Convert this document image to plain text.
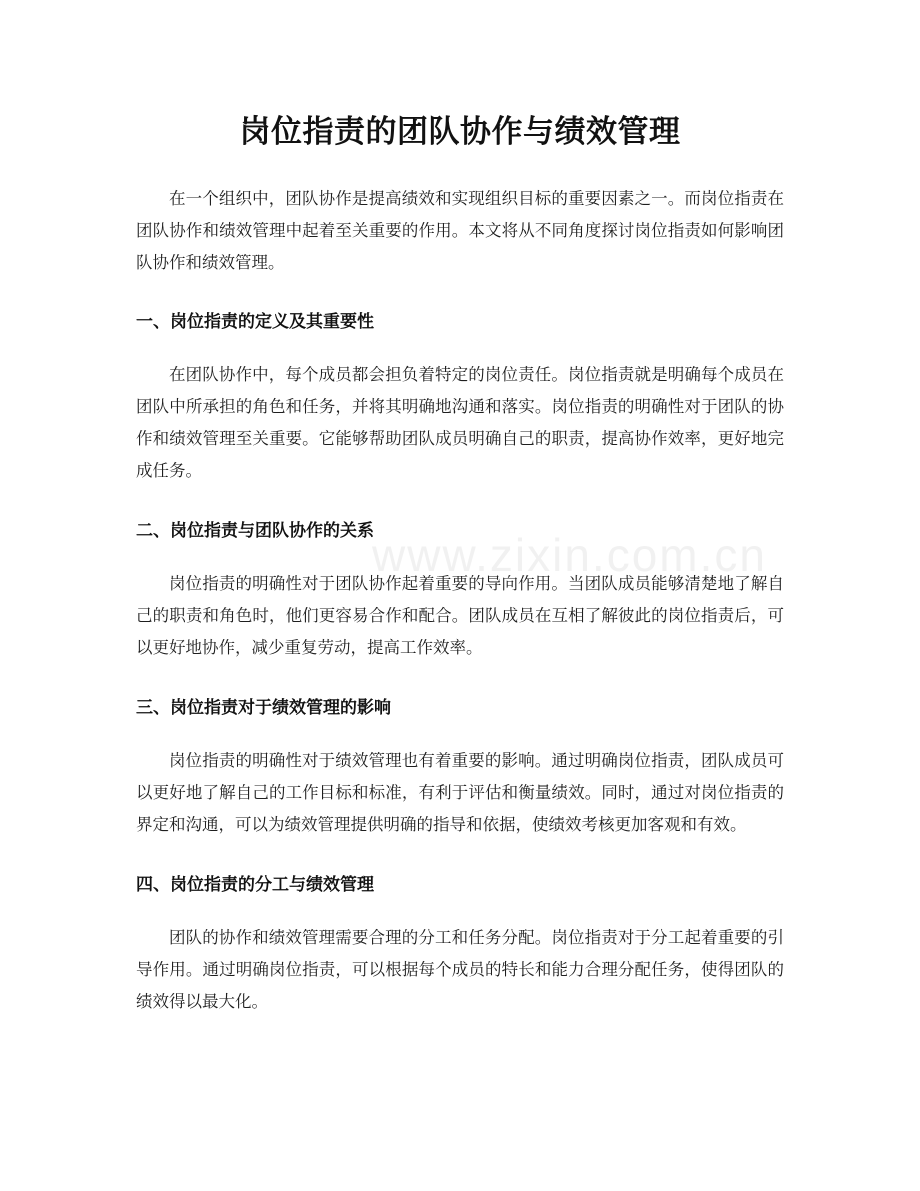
岗位指责的团队协作与绩效管理

在一个组织中，团队协作是提高绩效和实现组织目标的重要因素之一。而岗位指责在团队协作和绩效管理中起着至关重要的作用。本文将从不同角度探讨岗位指责如何影响团队协作和绩效管理。

一、岗位指责的定义及其重要性

在团队协作中，每个成员都会担负着特定的岗位责任。岗位指责就是明确每个成员在团队中所承担的角色和任务，并将其明确地沟通和落实。岗位指责的明确性对于团队的协作和绩效管理至关重要。它能够帮助团队成员明确自己的职责，提高协作效率，更好地完成任务。

二、岗位指责与团队协作的关系

岗位指责的明确性对于团队协作起着重要的导向作用。当团队成员能够清楚地了解自己的职责和角色时，他们更容易合作和配合。团队成员在互相了解彼此的岗位指责后，可以更好地协作，减少重复劳动，提高工作效率。

三、岗位指责对于绩效管理的影响

岗位指责的明确性对于绩效管理也有着重要的影响。通过明确岗位指责，团队成员可以更好地了解自己的工作目标和标准，有利于评估和衡量绩效。同时，通过对岗位指责的界定和沟通，可以为绩效管理提供明确的指导和依据，使绩效考核更加客观和有效。

四、岗位指责的分工与绩效管理

团队的协作和绩效管理需要合理的分工和任务分配。岗位指责对于分工起着重要的引导作用。通过明确岗位指责，可以根据每个成员的特长和能力合理分配任务，使得团队的绩效得以最大化。

www.zixin.com.cn
